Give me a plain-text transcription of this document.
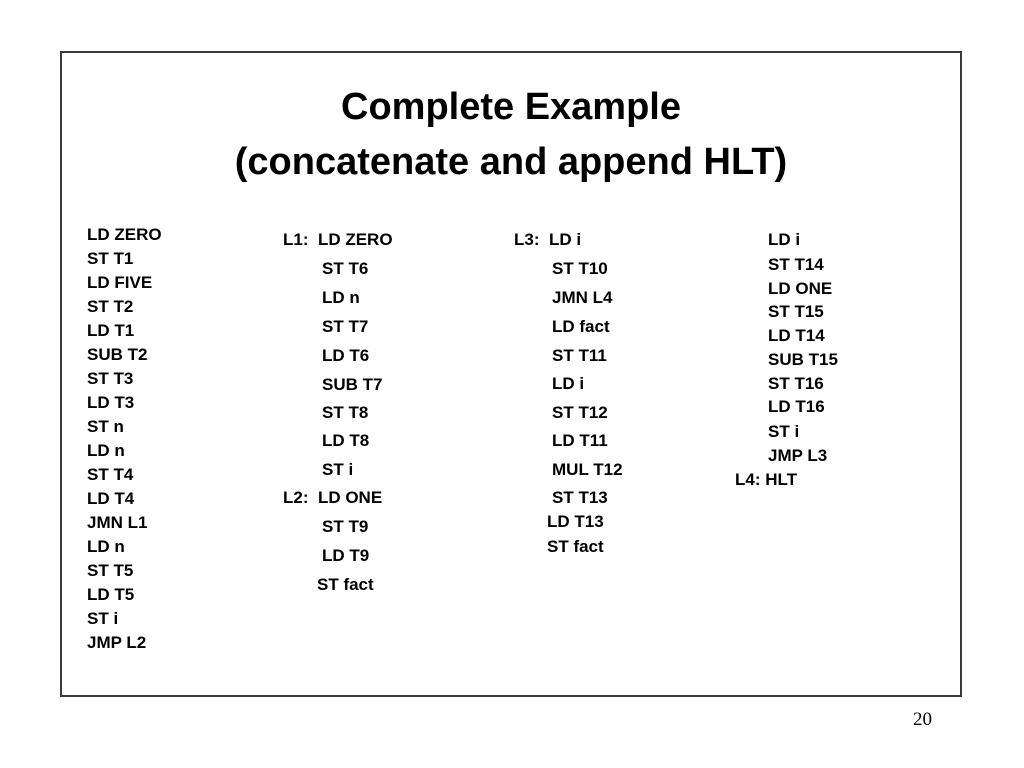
Complete Example
(concatenate and append HLT)
LD ZERO
ST T1
LD FIVE
ST T2
LD T1
SUB T2
ST T3
LD T3
ST n
LD n
ST T4
LD T4
JMN L1
LD n
ST T5
LD T5
ST i
JMP L2
L1:  LD ZERO
ST T6
LD n
ST T7
LD T6
SUB T7
ST T8
LD T8
ST i
L2:  LD ONE
ST T9
LD T9
ST fact
L3:  LD i
ST T10
JMN L4
LD fact
ST T11
LD i
ST T12
LD T11
MUL T12
ST T13
LD T13
ST fact
LD i
ST T14
LD ONE
ST T15
LD T14
SUB T15
ST T16
LD T16
ST i
JMP L3
L4: HLT
20
